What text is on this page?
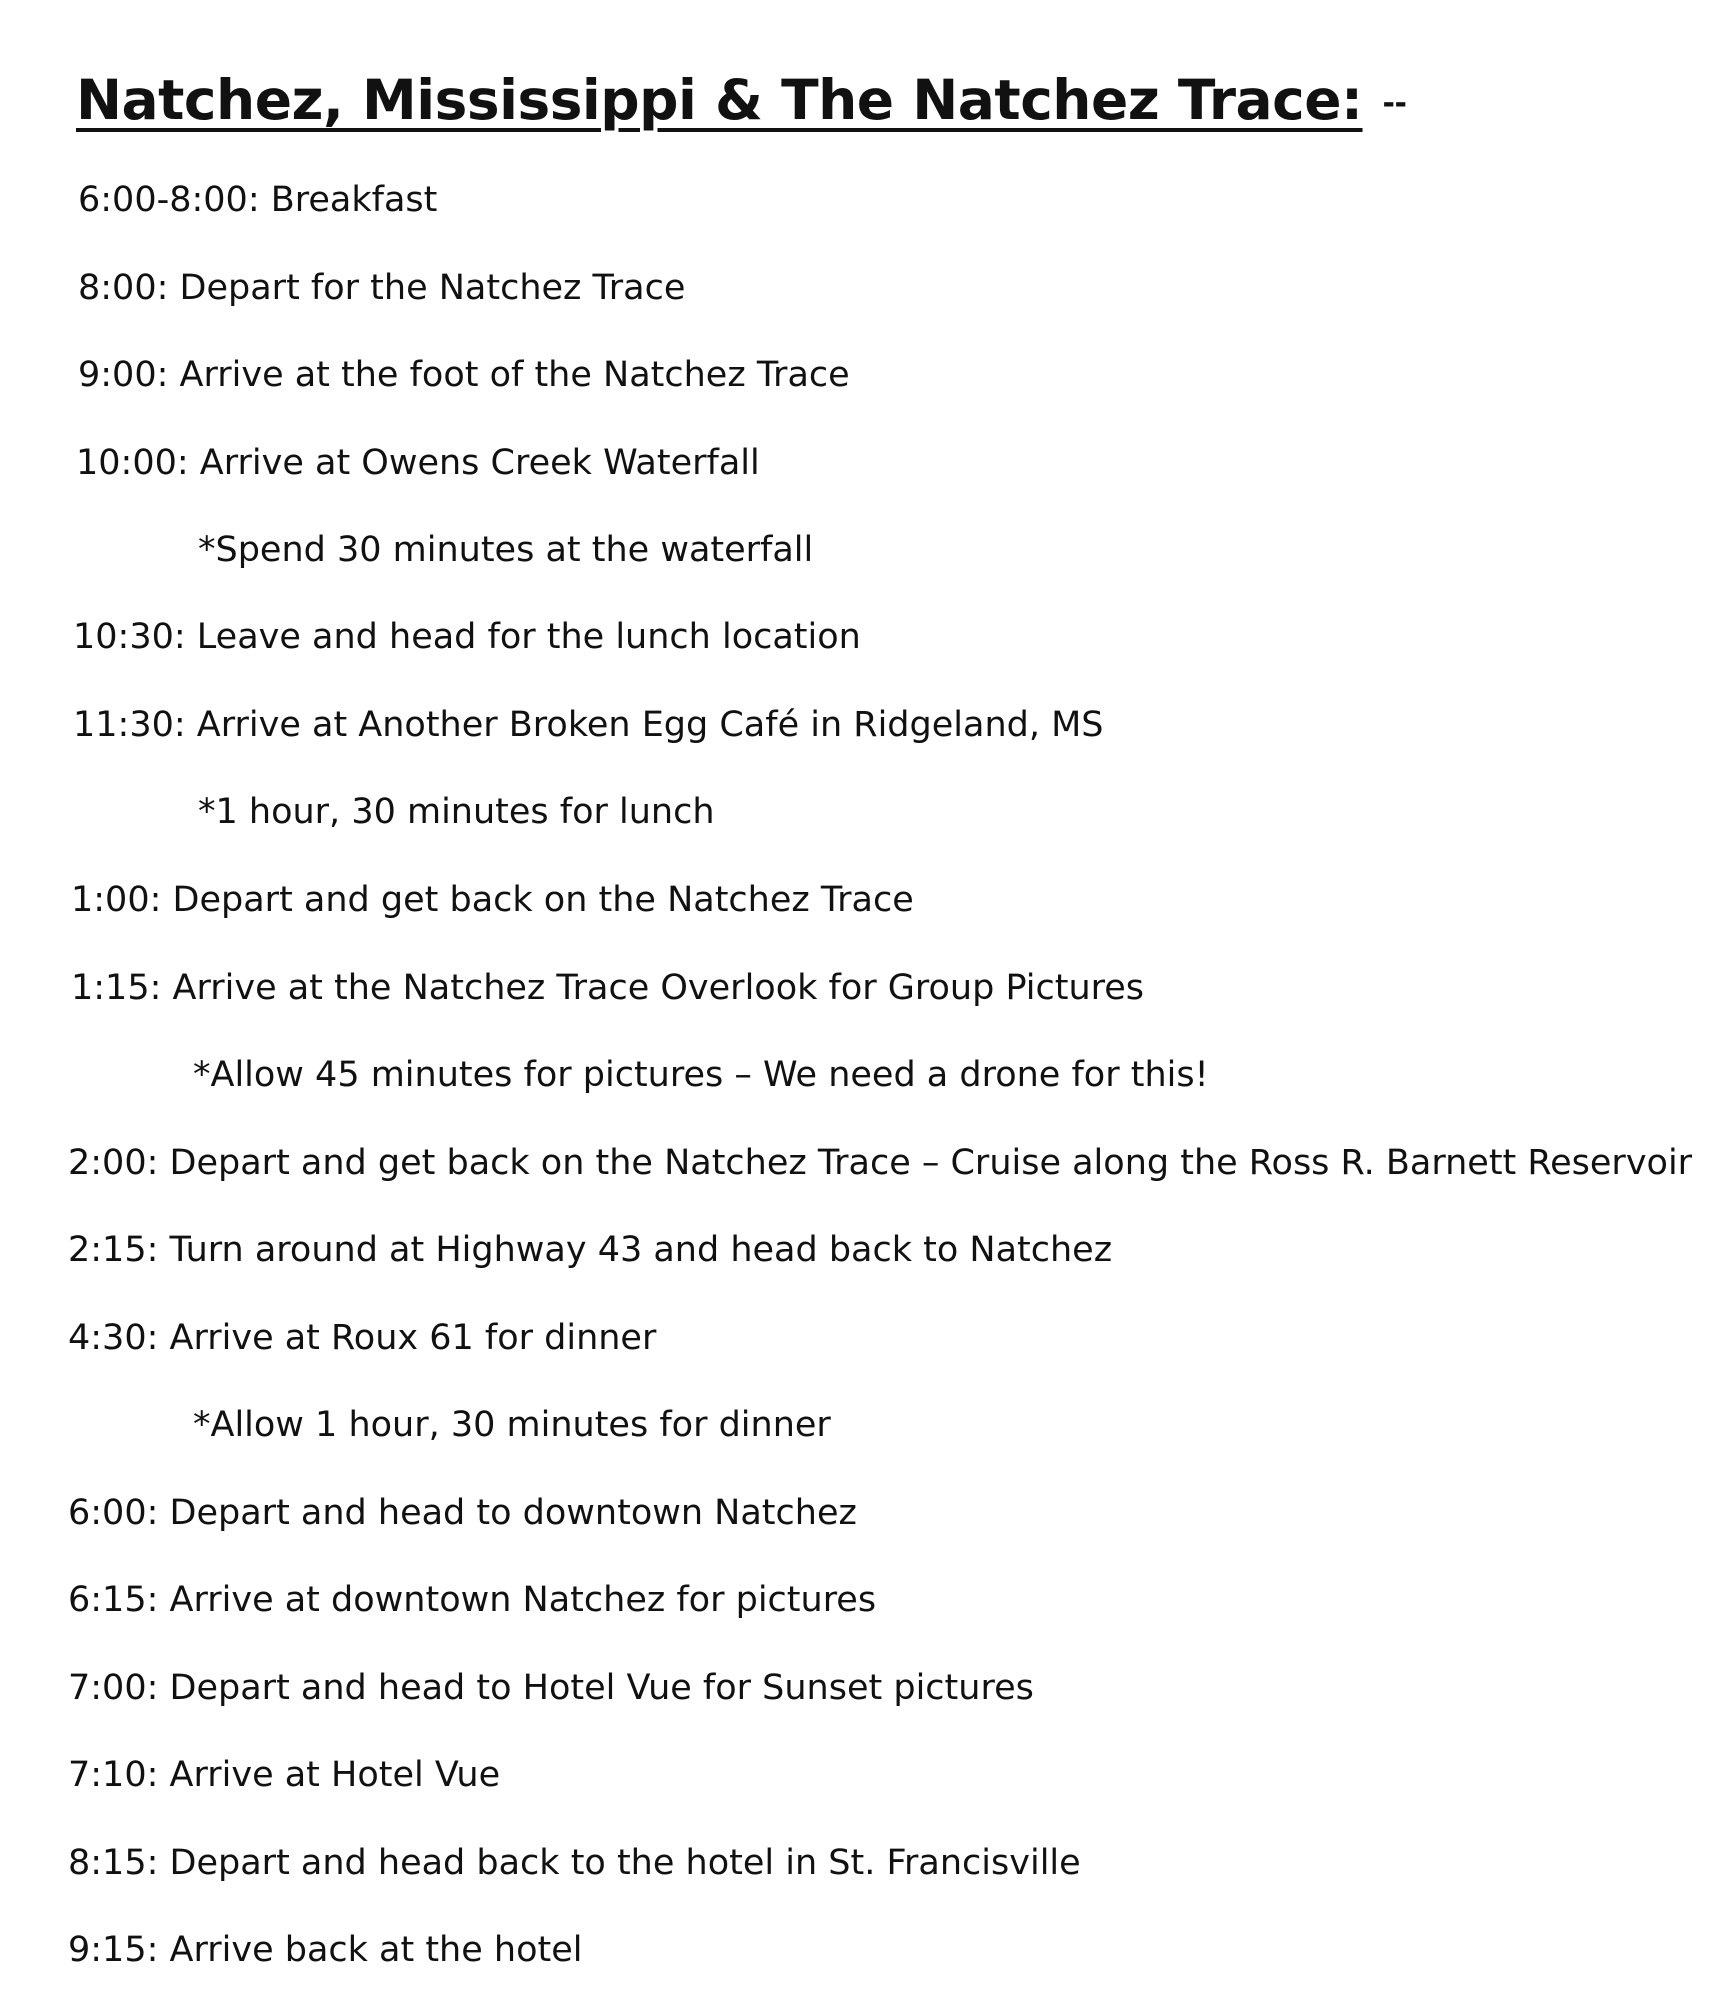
Natchez, Mississippi & The Natchez Trace: --
6:00-8:00: Breakfast
8:00: Depart for the Natchez Trace
9:00: Arrive at the foot of the Natchez Trace
10:00: Arrive at Owens Creek Waterfall
*Spend 30 minutes at the waterfall
10:30: Leave and head for the lunch location
11:30: Arrive at Another Broken Egg Café in Ridgeland, MS
*1 hour, 30 minutes for lunch
1:00: Depart and get back on the Natchez Trace
1:15: Arrive at the Natchez Trace Overlook for Group Pictures
*Allow 45 minutes for pictures – We need a drone for this!
2:00: Depart and get back on the Natchez Trace – Cruise along the Ross R. Barnett Reservoir
2:15: Turn around at Highway 43 and head back to Natchez
4:30: Arrive at Roux 61 for dinner
*Allow 1 hour, 30 minutes for dinner
6:00: Depart and head to downtown Natchez
6:15: Arrive at downtown Natchez for pictures
7:00: Depart and head to Hotel Vue for Sunset pictures
7:10: Arrive at Hotel Vue
8:15: Depart and head back to the hotel in St. Francisville
9:15: Arrive back at the hotel
